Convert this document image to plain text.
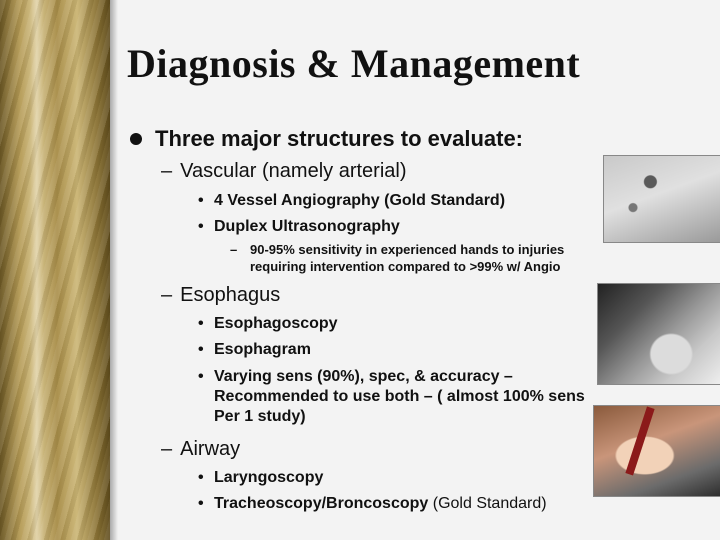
Diagnosis & Management
Three major structures to evaluate:
– Vascular (namely arterial)
• 4 Vessel Angiography (Gold Standard)
• Duplex Ultrasonography
– 90-95% sensitivity in experienced hands to injuries
requiring intervention compared to >99% w/ Angio
– Esophagus
• Esophagoscopy
• Esophagram
• Varying sens (90%), spec, & accuracy –
Recommended to use both – ( almost 100% sens
Per 1 study)
– Airway
• Laryngoscopy
• Tracheoscopy/Broncoscopy (Gold Standard)
